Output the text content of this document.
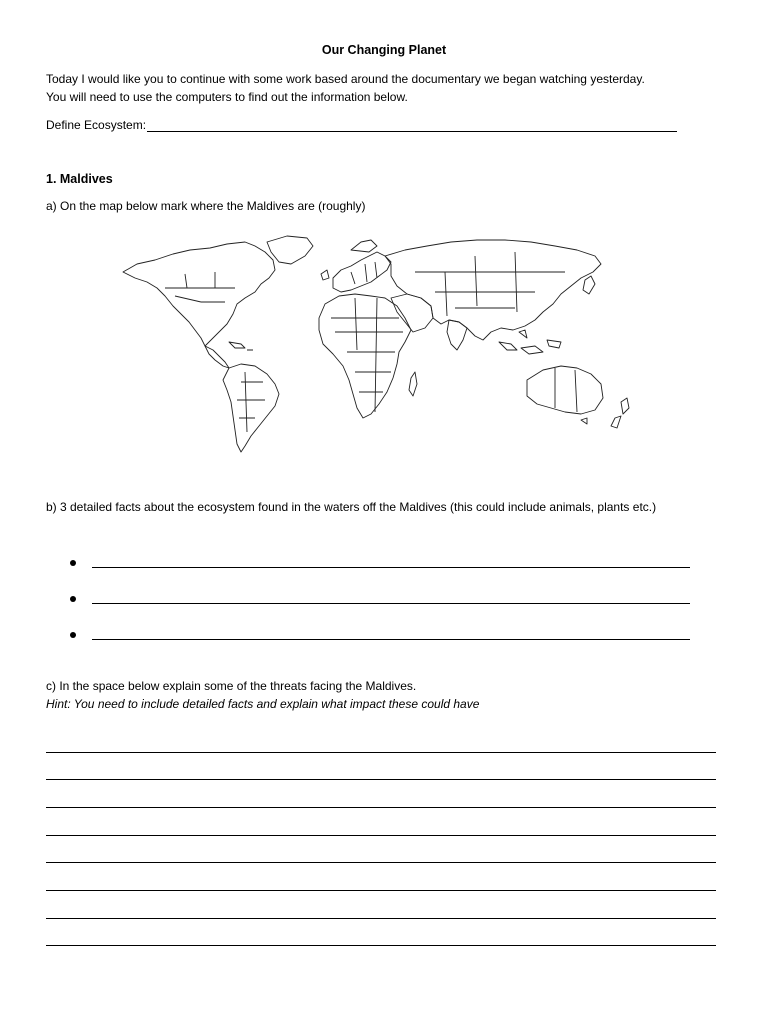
Our Changing Planet
Today I would like you to continue with some work based around the documentary we began watching yesterday.
You will need to use the computers to find out the information below.
Define Ecosystem:
1. Maldives
a) On the map below mark where the Maldives are (roughly)
b) 3 detailed facts about the ecosystem found in the waters off the Maldives (this could include animals, plants etc.)
c) In the space below explain some of the threats facing the Maldives.
Hint: You need to include detailed facts and explain what impact these could have
